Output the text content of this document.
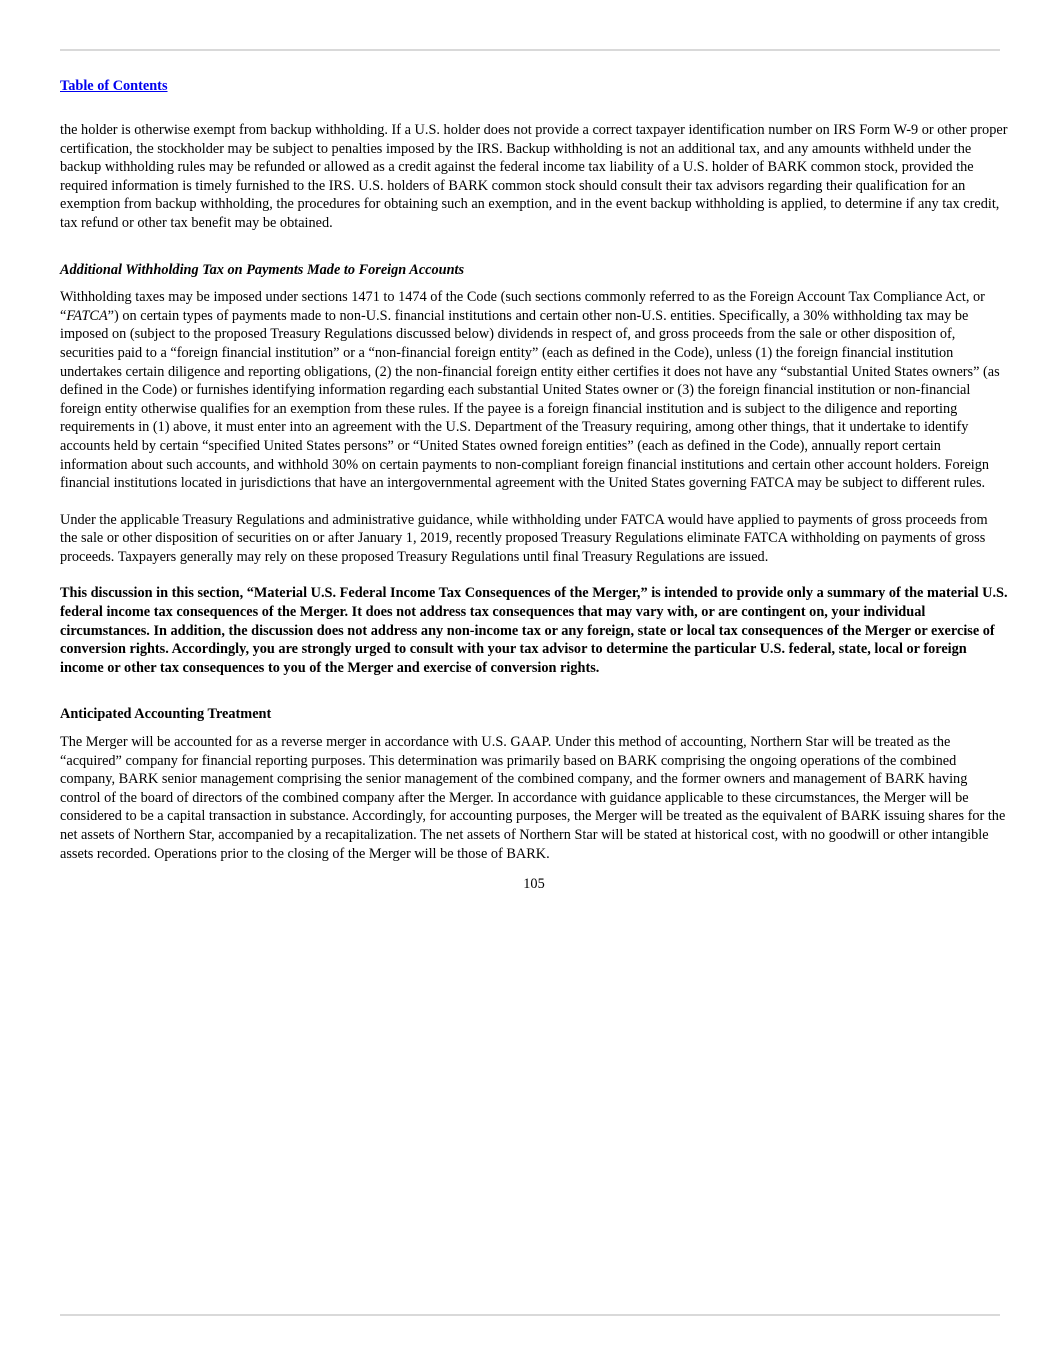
Table of Contents

the holder is otherwise exempt from backup withholding. If a U.S. holder does not provide a correct taxpayer identification number on IRS Form W-9 or other proper certification, the stockholder may be subject to penalties imposed by the IRS. Backup withholding is not an additional tax, and any amounts withheld under the backup withholding rules may be refunded or allowed as a credit against the federal income tax liability of a U.S. holder of BARK common stock, provided the required information is timely furnished to the IRS. U.S. holders of BARK common stock should consult their tax advisors regarding their qualification for an exemption from backup withholding, the procedures for obtaining such an exemption, and in the event backup withholding is applied, to determine if any tax credit, tax refund or other tax benefit may be obtained.

Additional Withholding Tax on Payments Made to Foreign Accounts

Withholding taxes may be imposed under sections 1471 to 1474 of the Code (such sections commonly referred to as the Foreign Account Tax Compliance Act, or “FATCA”) on certain types of payments made to non-U.S. financial institutions and certain other non-U.S. entities. Specifically, a 30% withholding tax may be imposed on (subject to the proposed Treasury Regulations discussed below) dividends in respect of, and gross proceeds from the sale or other disposition of, securities paid to a “foreign financial institution” or a “non-financial foreign entity” (each as defined in the Code), unless (1) the foreign financial institution undertakes certain diligence and reporting obligations, (2) the non-financial foreign entity either certifies it does not have any “substantial United States owners” (as defined in the Code) or furnishes identifying information regarding each substantial United States owner or (3) the foreign financial institution or non-financial foreign entity otherwise qualifies for an exemption from these rules. If the payee is a foreign financial institution and is subject to the diligence and reporting requirements in (1) above, it must enter into an agreement with the U.S. Department of the Treasury requiring, among other things, that it undertake to identify accounts held by certain “specified United States persons” or “United States owned foreign entities” (each as defined in the Code), annually report certain information about such accounts, and withhold 30% on certain payments to non-compliant foreign financial institutions and certain other account holders. Foreign financial institutions located in jurisdictions that have an intergovernmental agreement with the United States governing FATCA may be subject to different rules.

Under the applicable Treasury Regulations and administrative guidance, while withholding under FATCA would have applied to payments of gross proceeds from the sale or other disposition of securities on or after January 1, 2019, recently proposed Treasury Regulations eliminate FATCA withholding on payments of gross proceeds. Taxpayers generally may rely on these proposed Treasury Regulations until final Treasury Regulations are issued.

This discussion in this section, “Material U.S. Federal Income Tax Consequences of the Merger,” is intended to provide only a summary of the material U.S. federal income tax consequences of the Merger. It does not address tax consequences that may vary with, or are contingent on, your individual circumstances. In addition, the discussion does not address any non-income tax or any foreign, state or local tax consequences of the Merger or exercise of conversion rights. Accordingly, you are strongly urged to consult with your tax advisor to determine the particular U.S. federal, state, local or foreign income or other tax consequences to you of the Merger and exercise of conversion rights.

Anticipated Accounting Treatment

The Merger will be accounted for as a reverse merger in accordance with U.S. GAAP. Under this method of accounting, Northern Star will be treated as the “acquired” company for financial reporting purposes. This determination was primarily based on BARK comprising the ongoing operations of the combined company, BARK senior management comprising the senior management of the combined company, and the former owners and management of BARK having control of the board of directors of the combined company after the Merger. In accordance with guidance applicable to these circumstances, the Merger will be considered to be a capital transaction in substance. Accordingly, for accounting purposes, the Merger will be treated as the equivalent of BARK issuing shares for the net assets of Northern Star, accompanied by a recapitalization. The net assets of Northern Star will be stated at historical cost, with no goodwill or other intangible assets recorded. Operations prior to the closing of the Merger will be those of BARK.

105
